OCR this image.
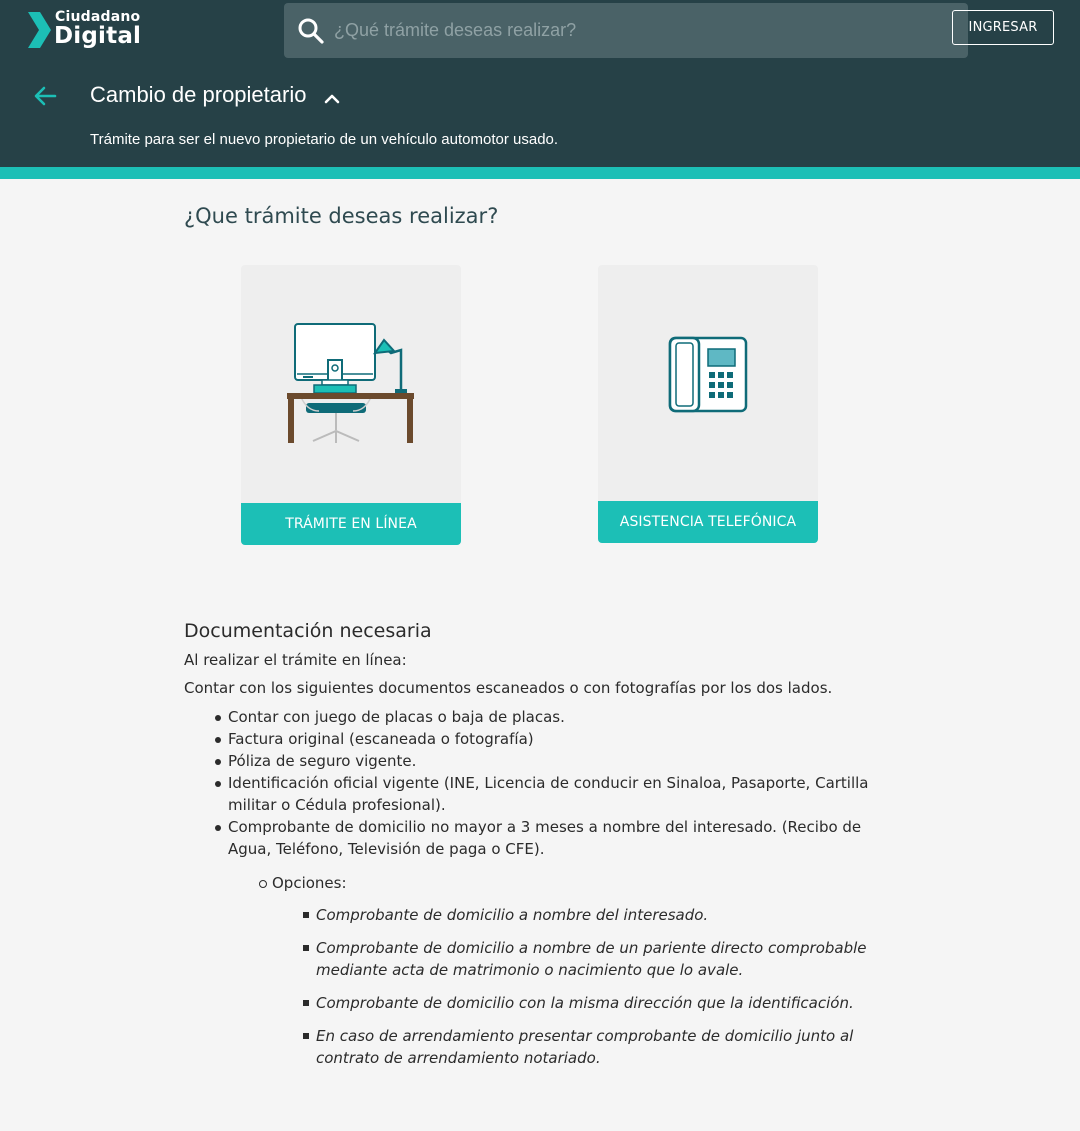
Ciudadano
Digital
¿Qué trámite deseas realizar?	INGRESAR
Cambio de propietario
Trámite para ser el nuevo propietario de un vehículo automotor usado.
¿Que trámite deseas realizar?
TRÁMITE EN LÍNEA	ASISTENCIA TELEFÓNICA
Documentación necesaria

Al realizar el trámite en línea:

Contar con los siguientes documentos escaneados o con fotografías por los dos lados.

Contar con juego de placas o baja de placas.
Factura original (escaneada o fotografía)
Póliza de seguro vigente.
Identificación oficial vigente (INE, Licencia de conducir en Sinaloa, Pasaporte, Cartilla militar o Cédula profesional).
Comprobante de domicilio no mayor a 3 meses a nombre del interesado. (Recibo de Agua, Teléfono, Televisión de paga o CFE).
Opciones:
Comprobante de domicilio a nombre del interesado.
Comprobante de domicilio a nombre de un pariente directo comprobable mediante acta de matrimonio o nacimiento que lo avale.
Comprobante de domicilio con la misma dirección que la identificación.
En caso de arrendamiento presentar comprobante de domicilio junto al contrato de arrendamiento notariado.
